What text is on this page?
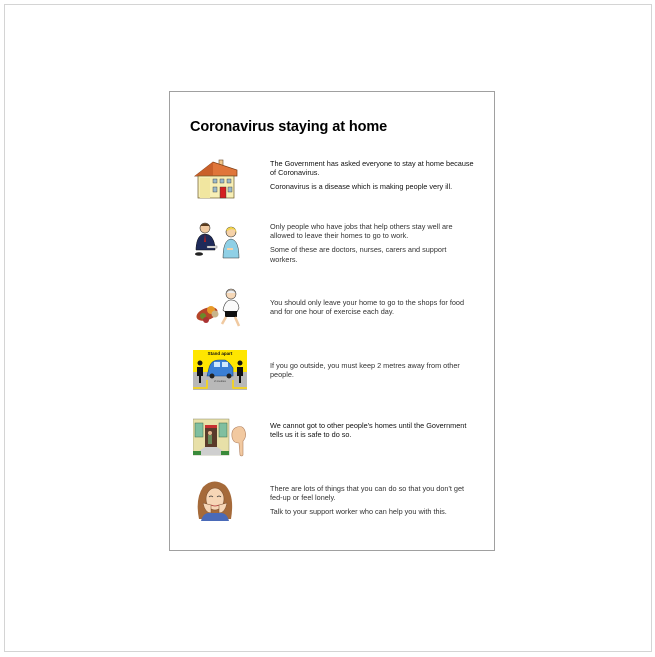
Coronavirus staying at home

The Government has asked everyone to stay at home because of Coronavirus.

Coronavirus is a disease which is making people very ill.

Only people who have jobs that help others stay well are allowed to leave their homes to go to work.

Some of these are doctors, nurses, carers and support workers.

You should only leave your home to go to the shops for food and for one hour of exercise each day.

Stand apart
2 metres

If you go outside, you must keep 2 metres away from other people.

We cannot got to other people's homes until the Government tells us it is safe to do so.

There are lots of things that you can do so that you don't get fed-up or feel lonely.

Talk to your support worker who can help you with this.
